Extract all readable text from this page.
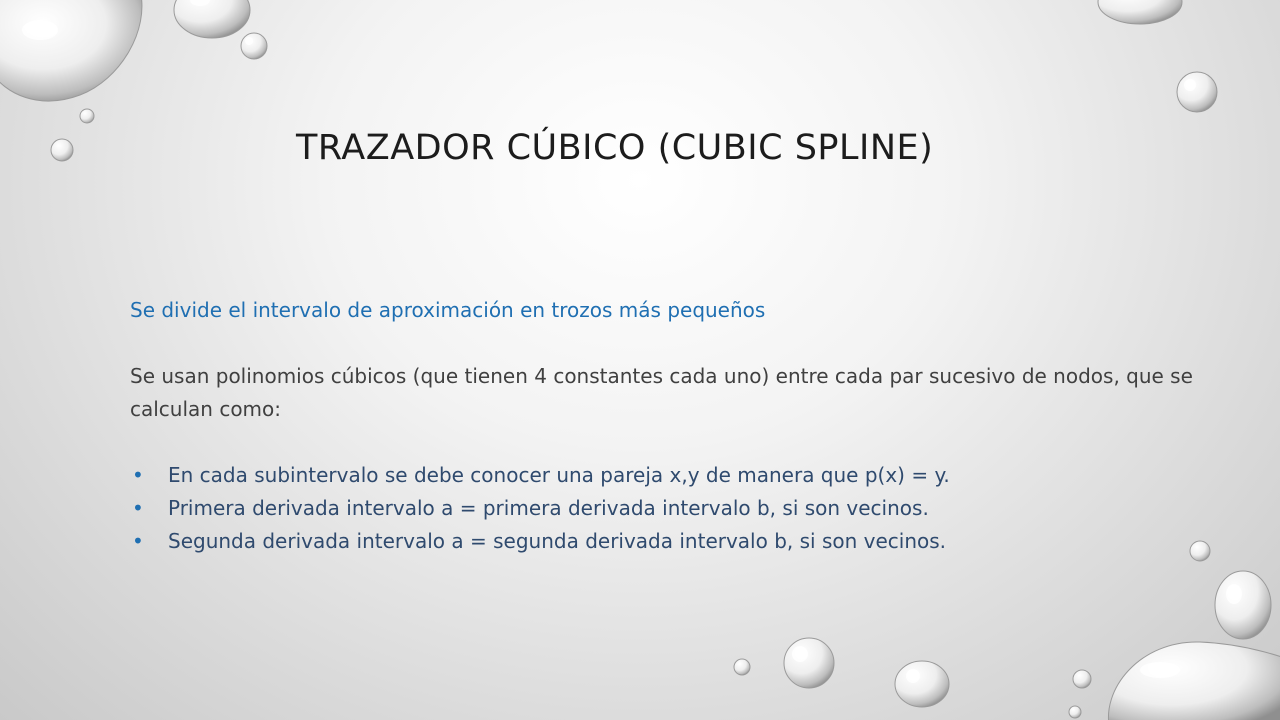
TRAZADOR CÚBICO (CUBIC SPLINE)

Se divide el intervalo de aproximación en trozos más pequeños

Se usan polinomios cúbicos (que tienen 4 constantes cada uno) entre cada par sucesivo de nodos, que se calculan como:

• En cada subintervalo se debe conocer una pareja x,y de manera que p(x) = y.
• Primera derivada intervalo a = primera derivada intervalo b, si son vecinos.
• Segunda derivada intervalo a = segunda derivada intervalo b, si son vecinos.
